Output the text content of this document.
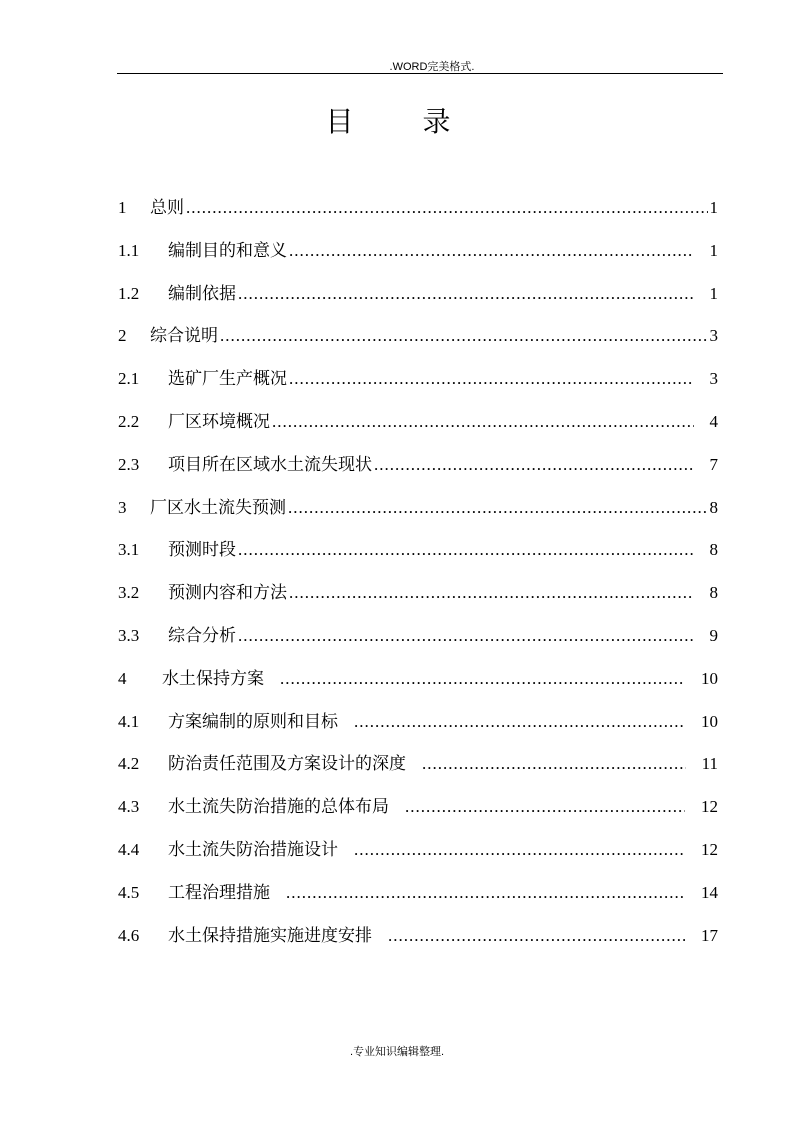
.WORD完美格式.
目 录
1	总则 .....	1
1.1	编制目的和意义 .....	1
1.2	编制依据 .....	1
2	综合说明 .....	3
2.1	选矿厂生产概况 .....	3
2.2	厂区环境概况 .....	4
2.3	项目所在区域水土流失现状 .....	7
3	厂区水土流失预测 .....	8
3.1	预测时段 .....	8
3.2	预测内容和方法 .....	8
3.3	综合分析 .....	9
4	水土保持方案 .....	10
4.1	方案编制的原则和目标 .....	10
4.2	防治责任范围及方案设计的深度 .....	11
4.3	水土流失防治措施的总体布局 .....	12
4.4	水土流失防治措施设计 .....	12
4.5	工程治理措施 .....	14
4.6	水土保持措施实施进度安排 .....	17
.专业知识编辑整理.
